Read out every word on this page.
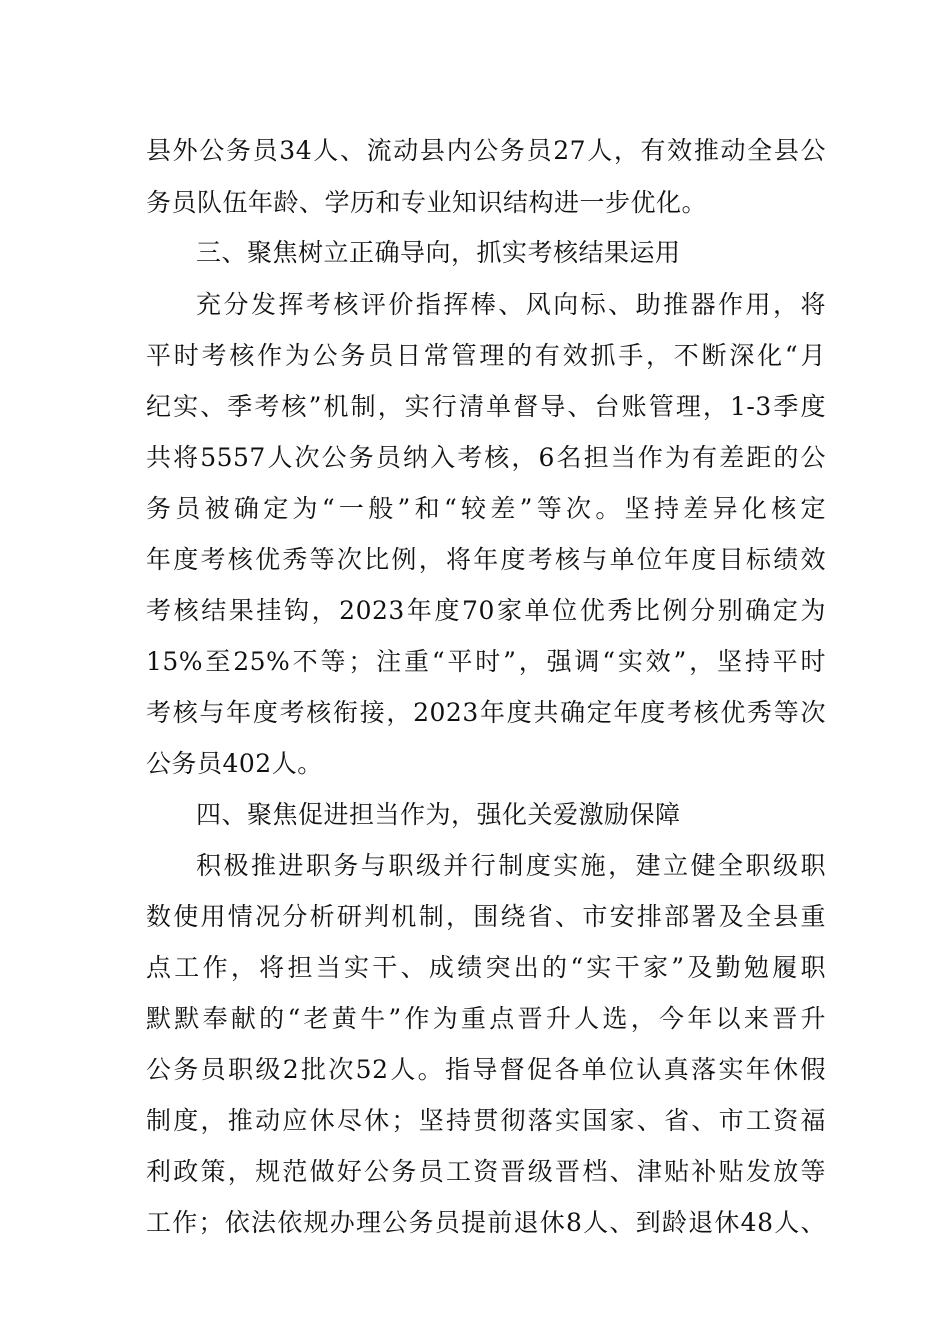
县外公务员34人、流动县内公务员27人，有效推动全县公
务员队伍年龄、学历和专业知识结构进一步优化。
三、聚焦树立正确导向，抓实考核结果运用
充分发挥考核评价指挥棒、风向标、助推器作用，将
平时考核作为公务员日常管理的有效抓手，不断深化“月
纪实、季考核”机制，实行清单督导、台账管理，1-3季度
共将5557人次公务员纳入考核，6名担当作为有差距的公
务员被确定为“一般”和“较差”等次。坚持差异化核定
年度考核优秀等次比例，将年度考核与单位年度目标绩效
考核结果挂钩，2023年度70家单位优秀比例分别确定为
15%至25%不等；注重“平时”，强调“实效”，坚持平时
考核与年度考核衔接，2023年度共确定年度考核优秀等次
公务员402人。
四、聚焦促进担当作为，强化关爱激励保障
积极推进职务与职级并行制度实施，建立健全职级职
数使用情况分析研判机制，围绕省、市安排部署及全县重
点工作，将担当实干、成绩突出的“实干家”及勤勉履职
默默奉献的“老黄牛”作为重点晋升人选，今年以来晋升
公务员职级2批次52人。指导督促各单位认真落实年休假
制度，推动应休尽休；坚持贯彻落实国家、省、市工资福
利政策，规范做好公务员工资晋级晋档、津贴补贴发放等
工作；依法依规办理公务员提前退休8人、到龄退休48人、
